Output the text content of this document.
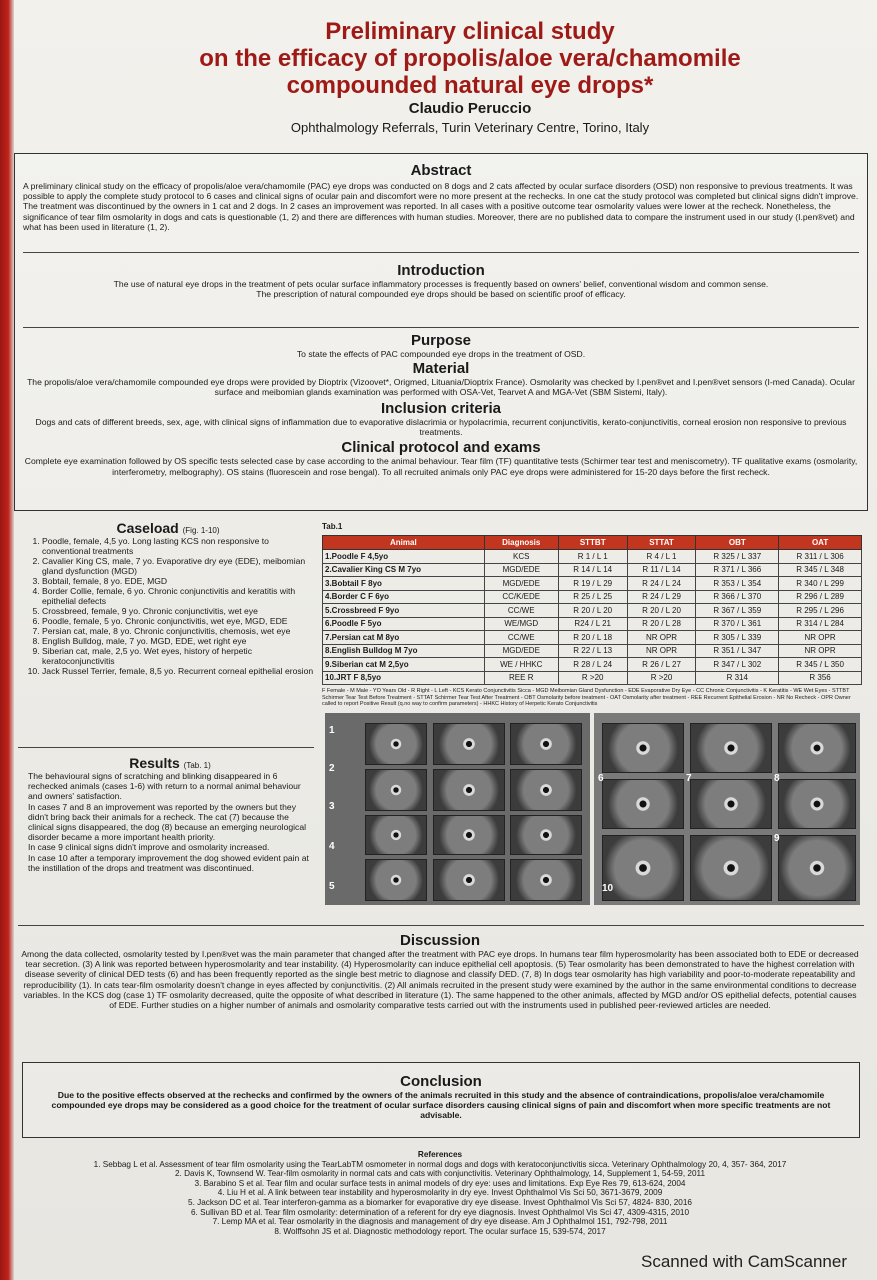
Preliminary clinical study
on the efficacy of propolis/aloe vera/chamomile
compounded natural eye drops*
Claudio Peruccio
Ophthalmology Referrals, Turin Veterinary Centre, Torino, Italy
Abstract

A preliminary clinical study on the efficacy of propolis/aloe vera/chamomile (PAC) eye drops was conducted on 8 dogs and 2 cats affected by ocular surface disorders (OSD) non responsive to previous treatments. It was possible to apply the complete study protocol to 6 cases and clinical signs of ocular pain and discomfort were no more present at the rechecks. In one cat the study protocol was completed but clinical signs didn't improve. The treatment was discontinued by the owners in 1 cat and 2 dogs. In 2 cases an improvement was reported. In all cases with a positive outcome tear osmolarity values were lower at the recheck. Nonetheless, the significance of tear film osmolarity in dogs and cats is questionable (1, 2) and there are differences with human studies. Moreover, there are no published data to compare the instrument used in our study (I.pen®vet) and what has been used in literature (1, 2).

Introduction

The use of natural eye drops in the treatment of pets ocular surface inflammatory processes is frequently based on owners' belief, conventional wisdom and common sense.

The prescription of natural compounded eye drops should be based on scientific proof of efficacy.

Purpose

To state the effects of PAC compounded eye drops in the treatment of OSD.

Material

The propolis/aloe vera/chamomile compounded eye drops were provided by Dioptrix (Vizoovet*, Origmed, Lituania/Dioptrix France). Osmolarity was checked by I.pen®vet and I.pen®vet sensors (I-med Canada). Ocular surface and meibomian glands examination was performed with OSA-Vet, Tearvet A and MGA-Vet (SBM Sistemi, Italy).

Inclusion criteria

Dogs and cats of different breeds, sex, age, with clinical signs of inflammation due to evaporative dislacrimia or hypolacrimia, recurrent conjunctivitis, kerato-conjunctivitis, corneal erosion non responsive to previous treatments.

Clinical protocol and exams

Complete eye examination followed by OS specific tests selected case by case according to the animal behaviour. Tear film (TF) quantitative tests (Schirmer tear test and meniscometry). TF qualitative exams (osmolarity, interferometry, melbography). OS stains (fluorescein and rose bengal). To all recruited animals only PAC eye drops were administered for 15-20 days before the first recheck.

Caseload (Fig. 1-10)
1. Poodle, female, 4,5 yo. Long lasting KCS non responsive to conventional treatments
2. Cavalier King CS, male, 7 yo. Evaporative dry eye (EDE), meibomian gland dysfunction (MGD)
3. Bobtail, female, 8 yo. EDE, MGD
4. Border Collie, female, 6 yo. Chronic conjunctivitis and keratitis with epithelial defects
5. Crossbreed, female, 9 yo. Chronic conjunctivitis, wet eye
6. Poodle, female, 5 yo. Chronic conjunctivitis, wet eye, MGD, EDE
7. Persian cat, male, 8 yo. Chronic conjunctivitis, chemosis, wet eye
8. English Bulldog, male, 7 yo. MGD, EDE, wet right eye
9. Siberian cat, male, 2,5 yo. Wet eyes, history of herpetic keratoconjunctivitis
10. Jack Russel Terrier, female, 8,5 yo. Recurrent corneal epithelial erosion
Results (Tab. 1)

The behavioural signs of scratching and blinking disappeared in 6 rechecked animals (cases 1-6) with return to a normal animal behaviour and owners' satisfaction.

In cases 7 and 8 an improvement was reported by the owners but they didn't bring back their animals for a recheck. The cat (7) because the clinical signs disappeared, the dog (8) because an emerging neurological disorder became a more important health priority.

In case 9 clinical signs didn't improve and osmolarity increased.

In case 10 after a temporary improvement the dog showed evident pain at the instillation of the drops and treatment was discontinued.

Tab.1
Animal	Diagnosis	STTBT	STTAT	OBT	OAT
1.Poodle F 4,5yo	KCS	R 1 / L 1	R 4 / L 1	R 325 / L 337	R 311 / L 306
2.Cavalier King CS M 7yo	MGD/EDE	R 14 / L 14	R 11 / L 14	R 371 / L 366	R 345 / L 348
3.Bobtail F 8yo	MGD/EDE	R 19 / L 29	R 24 / L 24	R 353 / L 354	R 340 / L 299
4.Border C F 6yo	CC/K/EDE	R 25 / L 25	R 24 / L 29	R 366 / L 370	R 296 / L 289
5.Crossbreed F 9yo	CC/WE	R 20 / L 20	R 20 / L 20	R 367 / L 359	R 295 / L 296
6.Poodle F 5yo	WE/MGD	R24 / L 21	R 20 / L 28	R 370 / L 361	R 314 / L 284
7.Persian cat M 8yo	CC/WE	R 20 / L 18	NR OPR	R 305 / L 339	NR OPR
8.English Bulldog M 7yo	MGD/EDE	R 22 / L 13	NR OPR	R 351 / L 347	NR OPR
9.Siberian cat M 2,5yo	WE / HHKC	R 28 / L 24	R 26 / L 27	R 347 / L 302	R 345 / L 350
10.JRT F 8,5yo	REE R	R >20	R >20	R 314	R 356

F Female - M Male - YO Years Old - R Right - L Left - KCS Kerato Conjunctivitis Sicca - MGD Meibomian Gland Dysfunction - EDE Evaporative Dry Eye - CC Chronic Conjunctivitis - K Keratitis - WE Wet Eyes - STTBT Schirmer Tear Test Before Treatment - STTAT Schirmer Tear Test After Treatment - OBT Osmolarity before treatment - OAT Osmolarity after treatment - REE Recurrent Epithelial Erosion - NR No Recheck - OPR Owner called to report Positive Result (q.no way to confirm parameters) - HHKC History of Herpetic Kerato Conjunctivitis

1
2
3
4
5
6	7	8
9
10
Discussion

Among the data collected, osmolarity tested by I.pen®vet was the main parameter that changed after the treatment with PAC eye drops. In humans tear film hyperosmolarity has been associated both to EDE or decreased tear secretion. (3) A link was reported between hyperosmolarity and tear instability. (4) Hyperosmolarity can induce epithelial cell apoptosis. (5) Tear osmolarity has been demonstrated to have the highest correlation with disease severity of clinical DED tests (6) and has been frequently reported as the single best metric to diagnose and classify DED. (7, 8) In dogs tear osmolarity has high variability and poor-to-moderate repeatability and reproducibility (1). In cats tear-film osmolarity doesn't change in eyes affected by conjunctivitis. (2) All animals recruited in the present study were examined by the author in the same environmental conditions to decrease variables. In the KCS dog (case 1) TF osmolarity decreased, quite the opposite of what described in literature (1). The same happened to the other animals, affected by MGD and/or OS epithelial defects, potential causes of EDE. Further studies on a higher number of animals and osmolarity comparative tests carried out with the instruments used in published peer-reviewed articles are needed.

Conclusion

Due to the positive effects observed at the rechecks and confirmed by the owners of the animals recruited in this study and the absence of contraindications, propolis/aloe vera/chamomile compounded eye drops may be considered as a good choice for the treatment of ocular surface disorders causing clinical signs of pain and discomfort when more specific treatments are not advisable.

References
1. Sebbag L et al. Assessment of tear film osmolarity using the TearLabTM osmometer in normal dogs and dogs with keratoconjunctivitis sicca. Veterinary Ophthalmology 20, 4, 357- 364, 2017
2. Davis K, Townsend W. Tear-film osmolarity in normal cats and cats with conjunctivitis. Veterinary Ophthalmology, 14, Supplement 1, 54-59, 2011
3. Barabino S et al. Tear film and ocular surface tests in animal models of dry eye: uses and limitations. Exp Eye Res 79, 613-624, 2004
4. Liu H et al. A link between tear instability and hyperosmolarity in dry eye. Invest Ophthalmol Vis Sci 50, 3671-3679, 2009
5. Jackson DC et al. Tear interferon-gamma as a biomarker for evaporative dry eye disease. Invest Ophthalmol Vis Sci 57, 4824- 830, 2016
6. Sullivan BD et al. Tear film osmolarity: determination of a referent for dry eye diagnosis. Invest Ophthalmol Vis Sci 47, 4309-4315, 2010
7. Lemp MA et al. Tear osmolarity in the diagnosis and management of dry eye disease. Am J Ophthalmol 151, 792-798, 2011
8. Wolffsohn JS et al. Diagnostic methodology report. The ocular surface 15, 539-574, 2017
Scanned with CamScanner
